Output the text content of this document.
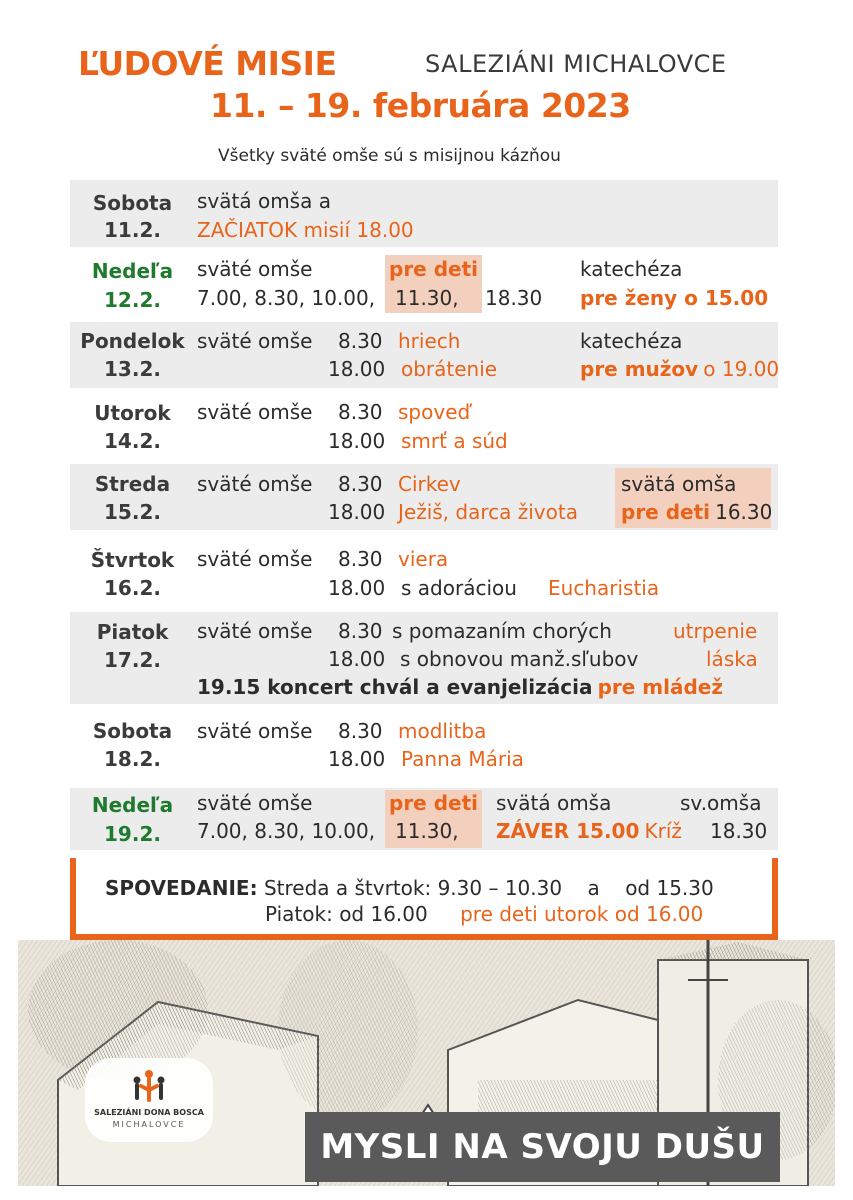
ĽUDOVÉ MISIE	SALEZIÁNI MICHALOVCE
11. – 19. februára 2023
Všetky sväté omše sú s misijnou kázňou
Sobota
11.2.
svätá omša a
ZAČIATOK misií 18.00
Nedeľa
12.2.
sväté omše
7.00, 8.30, 10.00,
pre deti
11.30, 18.30
katechéza
pre ženy o 15.00
Pondelok
13.2.
sväté omše 8.30
18.00
hriech
obrátenie
katechéza
pre mužov o 19.00
Utorok
14.2.
sväté omše 8.30
18.00
spoveď
smrť a súd
Streda
15.2.
sväté omše 8.30
18.00
Cirkev
Ježiš, darca života
svätá omša
pre deti 16.30
Štvrtok
16.2.
sväté omše 8.30
18.00
viera
s adoráciou Eucharistia
Piatok
17.2.
sväté omše 8.30
18.00
s pomazaním chorých
s obnovou manž.sľubov
utrpenie
láska
19.15 koncert chvál a evanjelizácia pre mládež
Sobota
18.2.
sväté omše 8.30
18.00
modlitba
Panna Mária
Nedeľa
19.2.
sväté omše
7.00, 8.30, 10.00,
pre deti
11.30,
svätá omša
ZÁVER 15.00 Kríž
sv.omša
18.30
SPOVEDANIE: Streda a štvrtok: 9.30 – 10.30    a    od 15.30
Piatok: od 16.00 pre deti utorok od 16.00
SALEZIÁNI DONA BOSCA
MICHALOVCE
MYSLI NA SVOJU DUŠU
